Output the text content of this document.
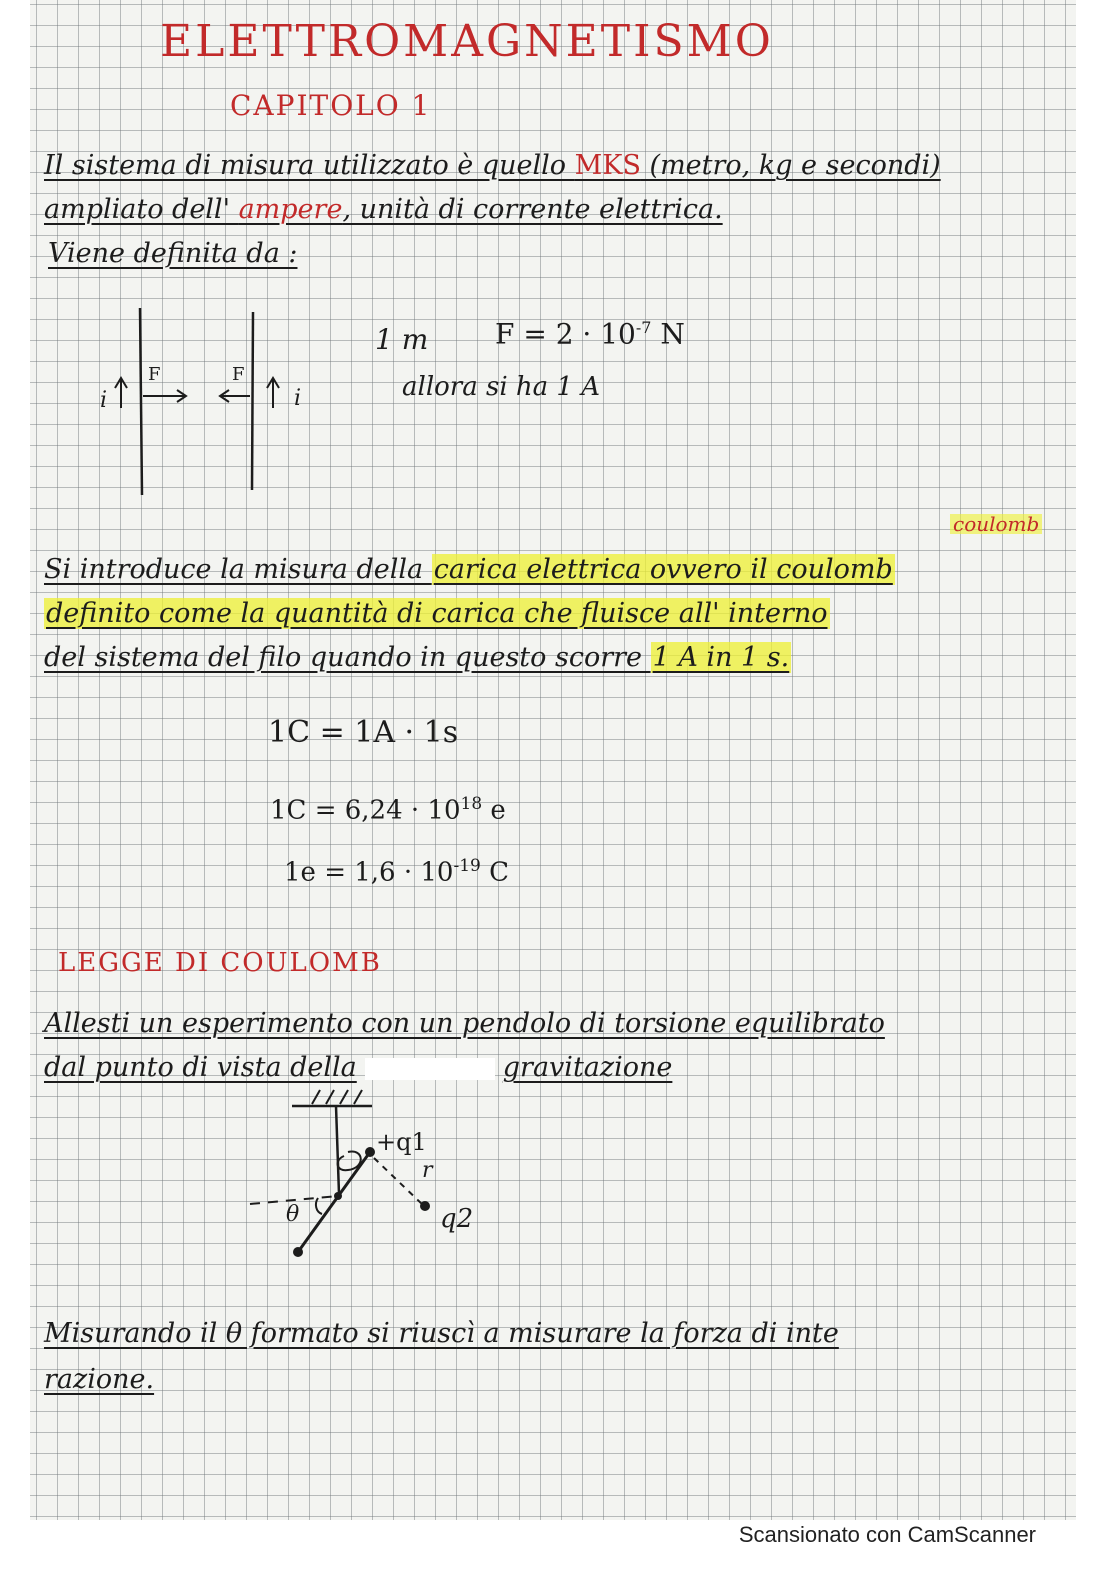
ELETTROMAGNETISMO
CAPITOLO 1
Il sistema di misura utilizzato è quello MKS (metro, kg e secondi)
ampliato dell' ampere, unità di corrente elettrica.
Viene definita da :
i	i
F	F
1 m $F = 2 \cdot 10^{-7}$ N
allora si ha 1 A
coulomb
Si introduce la misura della carica elettrica ovvero il coulomb
definito come la quantità di carica che fluisce all' interno
del sistema del filo quando in questo scorre 1 A in 1 s.
1C = 1A · 1s
$1C = 6,24 \cdot 10^{18}$ e
$1e = 1,6 \cdot 10^{-19}$ C
LEGGE DI COULOMB
Allesti un esperimento con un pendolo di torsione equilibrato
dal punto di vista della	gravitazione
+q1
q2
r
θ
Misurando il θ formato si riuscì a misurare la forza di inte
razione.
Scansionato con CamScanner
